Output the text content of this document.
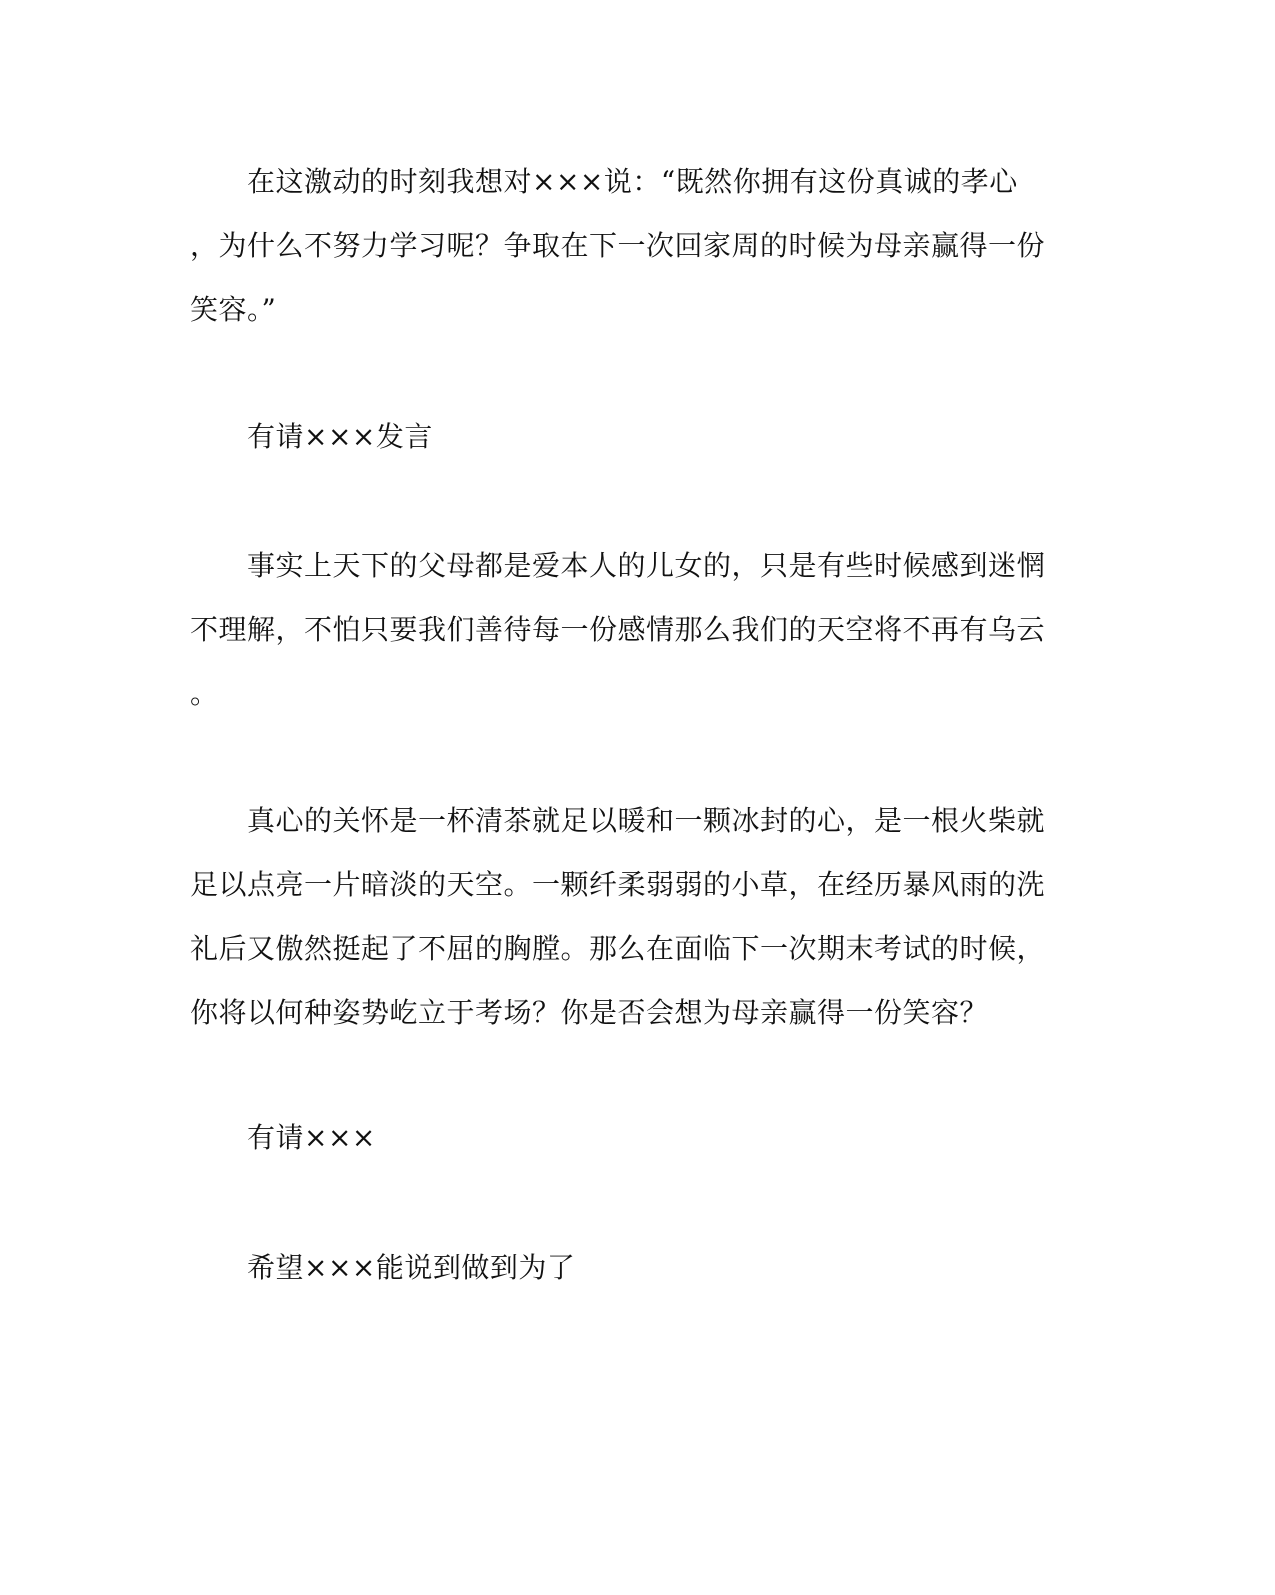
在这激动的时刻我想对×××说：“既然你拥有这份真诚的孝心
，为什么不努力学习呢？争取在下一次回家周的时候为母亲赢得一份
笑容。”
有请×××发言
事实上天下的父母都是爱本人的儿女的，只是有些时候感到迷惘
不理解，不怕只要我们善待每一份感情那么我们的天空将不再有乌云
。
真心的关怀是一杯清茶就足以暖和一颗冰封的心，是一根火柴就
足以点亮一片暗淡的天空。一颗纤柔弱弱的小草，在经历暴风雨的洗
礼后又傲然挺起了不屈的胸膛。那么在面临下一次期末考试的时候，
你将以何种姿势屹立于考场？你是否会想为母亲赢得一份笑容？
有请×××
希望×××能说到做到为了
